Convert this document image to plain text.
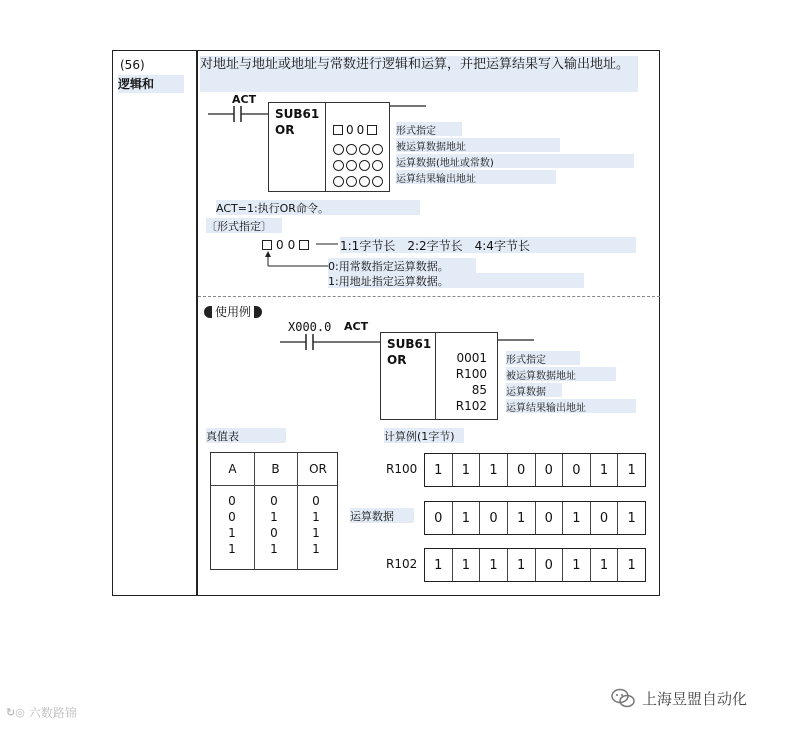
(56)
逻辑和
对地址与地址或地址与常数进行逻辑和运算，并把运算结果写入输出地址。
ACT
SUB61
OR	0 0	形式指定
被运算数据地址
运算数据(地址或常数)
运算结果输出地址
ACT=1:执行OR命令。
〔形式指定〕
0 0	1:1字节长　2:2字节长　4:4字节长
0:用常数指定运算数据。
1:用地址指定运算数据。
使用例
X000.0 ACT
SUB61
OR	0001
R100
85
R102
形式指定
被运算数据地址
运算数据
运算结果输出地址
真值表
A	B	OR
0	0	0
0	1	1
1	0	1
1	1	1
计算例(1字节)
R100	1	1	1	0	0	0	1	1
运算数据	0	1	0	1	0	1	0	1
R102	1	1	1	1	0	1	1	1
↻◎ 六数路锦
上海昱盟自动化
